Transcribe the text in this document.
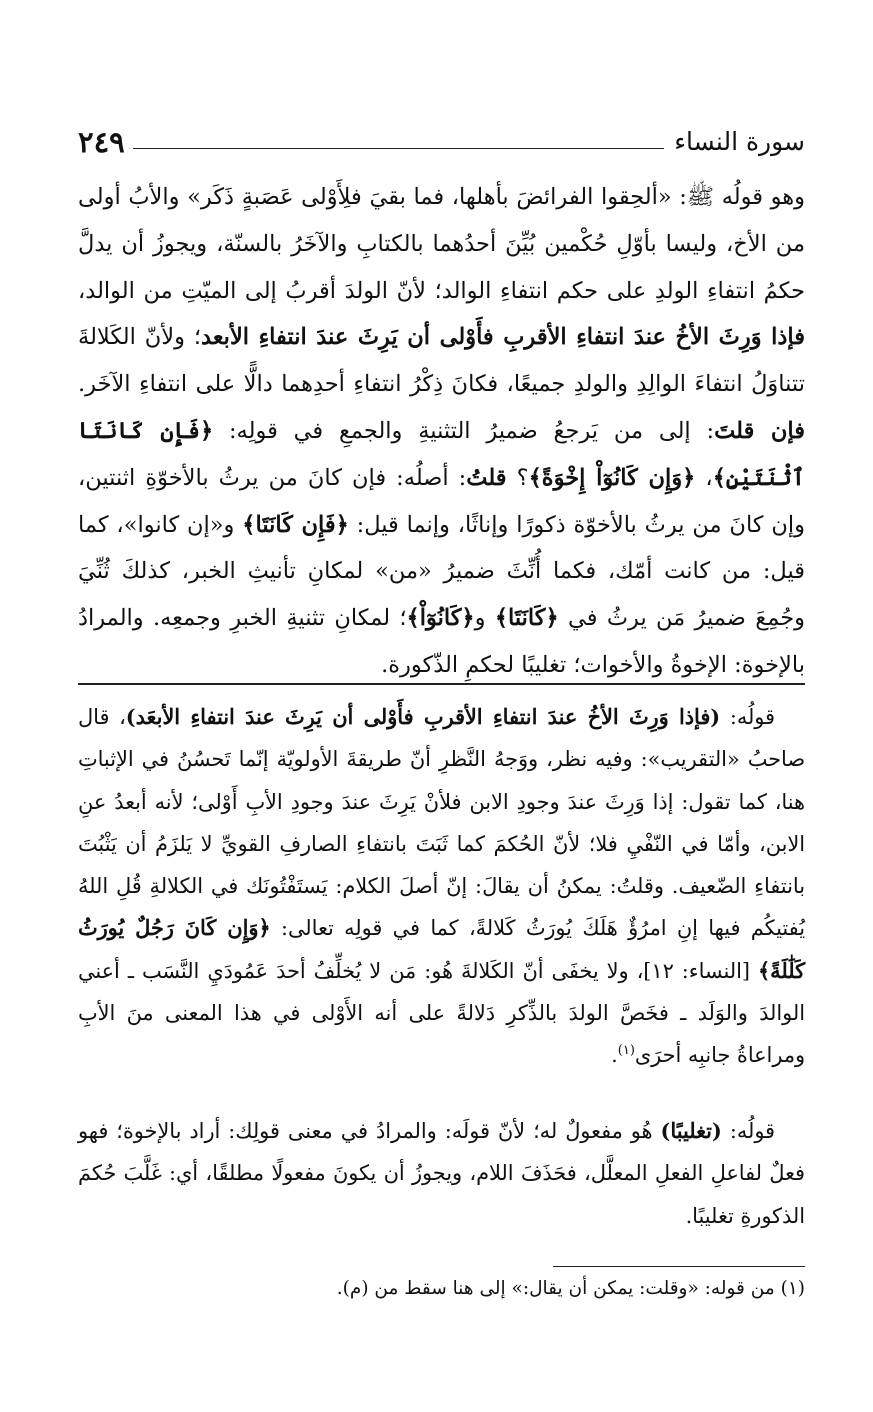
سورة النساء
٢٤٩
وهو قولُه ﷺ: «ألحِقوا الفرائضَ بأهلها، فما بقيَ فلِأَوْلى عَصَبةٍ ذَكَر» والأبُ أولى من الأخ، وليسا بأوّلِ حُكْمين بُيِّنَ أحدُهما بالكتابِ والآخَرُ بالسنّة، ويجوزُ أن يدلَّ حكمُ انتفاءِ الولدِ على حكم انتفاءِ الوالد؛ لأنّ الولدَ أقربُ إلى الميّتِ من الوالد، فإذا وَرِثَ الأخُ عندَ انتفاءِ الأقربِ فأَوْلى أن يَرِثَ عندَ انتفاءِ الأبعد؛ ولأنّ الكَلالةَ تتناوَلُ انتفاءَ الوالِدِ والولدِ جميعًا، فكانَ ذِكْرُ انتفاءِ أحدِهما دالًّا على انتفاءِ الآخَر. فإن قلتَ: إلى من يَرجعُ ضميرُ التثنيةِ والجمعِ في قولِه: ﴿فَإِن كَانَتَا ٱثْنَتَيْنِ﴾، ﴿وَإِن كَانُوٓاْ إِخْوَةً﴾؟ قلتُ: أصلُه: فإن كانَ من يرثُ بالأخوّةِ اثنتين، وإن كانَ من يرثُ بالأخوّة ذكورًا وإناثًا، وإنما قيل: ﴿فَإِن كَانَتَا﴾ و«إن كانوا»، كما قيل: من كانت أمّك، فكما أُنِّثَ ضميرُ «من» لمكانِ تأنيثِ الخبر، كذلكَ ثُنِّيَ وجُمِعَ ضميرُ مَن يرثُ في ﴿كَانَتَا﴾ و﴿كَانُوٓاْ﴾؛ لمكانِ تثنيةِ الخبرِ وجمعِه. والمرادُ بالإخوة: الإخوةُ والأخوات؛ تغليبًا لحكمِ الذّكورة.

قولُه: (فإذا وَرِثَ الأخُ عندَ انتفاءِ الأقربِ فأَوْلى أن يَرِثَ عندَ انتفاءِ الأبعَد)، قال صاحبُ «التقريب»: وفيه نظر، ووَجهُ النَّظرِ أنّ طريقةَ الأولويّة إنّما تَحسُنُ في الإثباتِ هنا، كما تقول: إذا وَرِثَ عندَ وجودِ الابن فلأنْ يَرِثَ عندَ وجودِ الأبِ أَوْلى؛ لأنه أبعدُ عنِ الابن، وأمّا في النّفْيِ فلا؛ لأنّ الحُكمَ كما ثَبَتَ بانتفاءِ الصارفِ القويِّ لا يَلزَمُ أن يَثْبُتَ بانتفاءِ الضّعيف. وقلتُ: يمكنُ أن يقالَ: إنّ أصلَ الكلام: يَستَفْتُونَك في الكلالةِ قُلِ اللهُ يُفتيكُم فيها إنِ امرُؤٌ هَلَكَ يُورَثُ كَلالةً، كما في قولِه تعالى: ﴿وَإِن كَانَ رَجُلٌ يُورَثُ كَلَٰلَةً﴾ [النساء: ١٢]، ولا يخفَى أنّ الكَلالةَ هُو: مَن لا يُخلِّفُ أحدَ عَمُودَيِ النَّسَب ـ أعني الوالدَ والوَلَد ـ فخَصَّ الولدَ بالذِّكرِ دَلالةً على أنه الأَوْلى في هذا المعنى منَ الأبِ ومراعاةُ جانبِه أحرَى$^{(١)}$.

قولُه: (تغليبًا) هُو مفعولٌ له؛ لأنّ قولَه: والمرادُ في معنى قولِك: أراد بالإخوة؛ فهو فعلٌ لفاعلِ الفعلِ المعلَّل، فحَذَفَ اللام، ويجوزُ أن يكونَ مفعولًا مطلقًا، أي: غَلَّبَ حُكمَ الذكورةِ تغليبًا.

(١) من قوله: «وقلت: يمكن أن يقال:» إلى هنا سقط من (م).
